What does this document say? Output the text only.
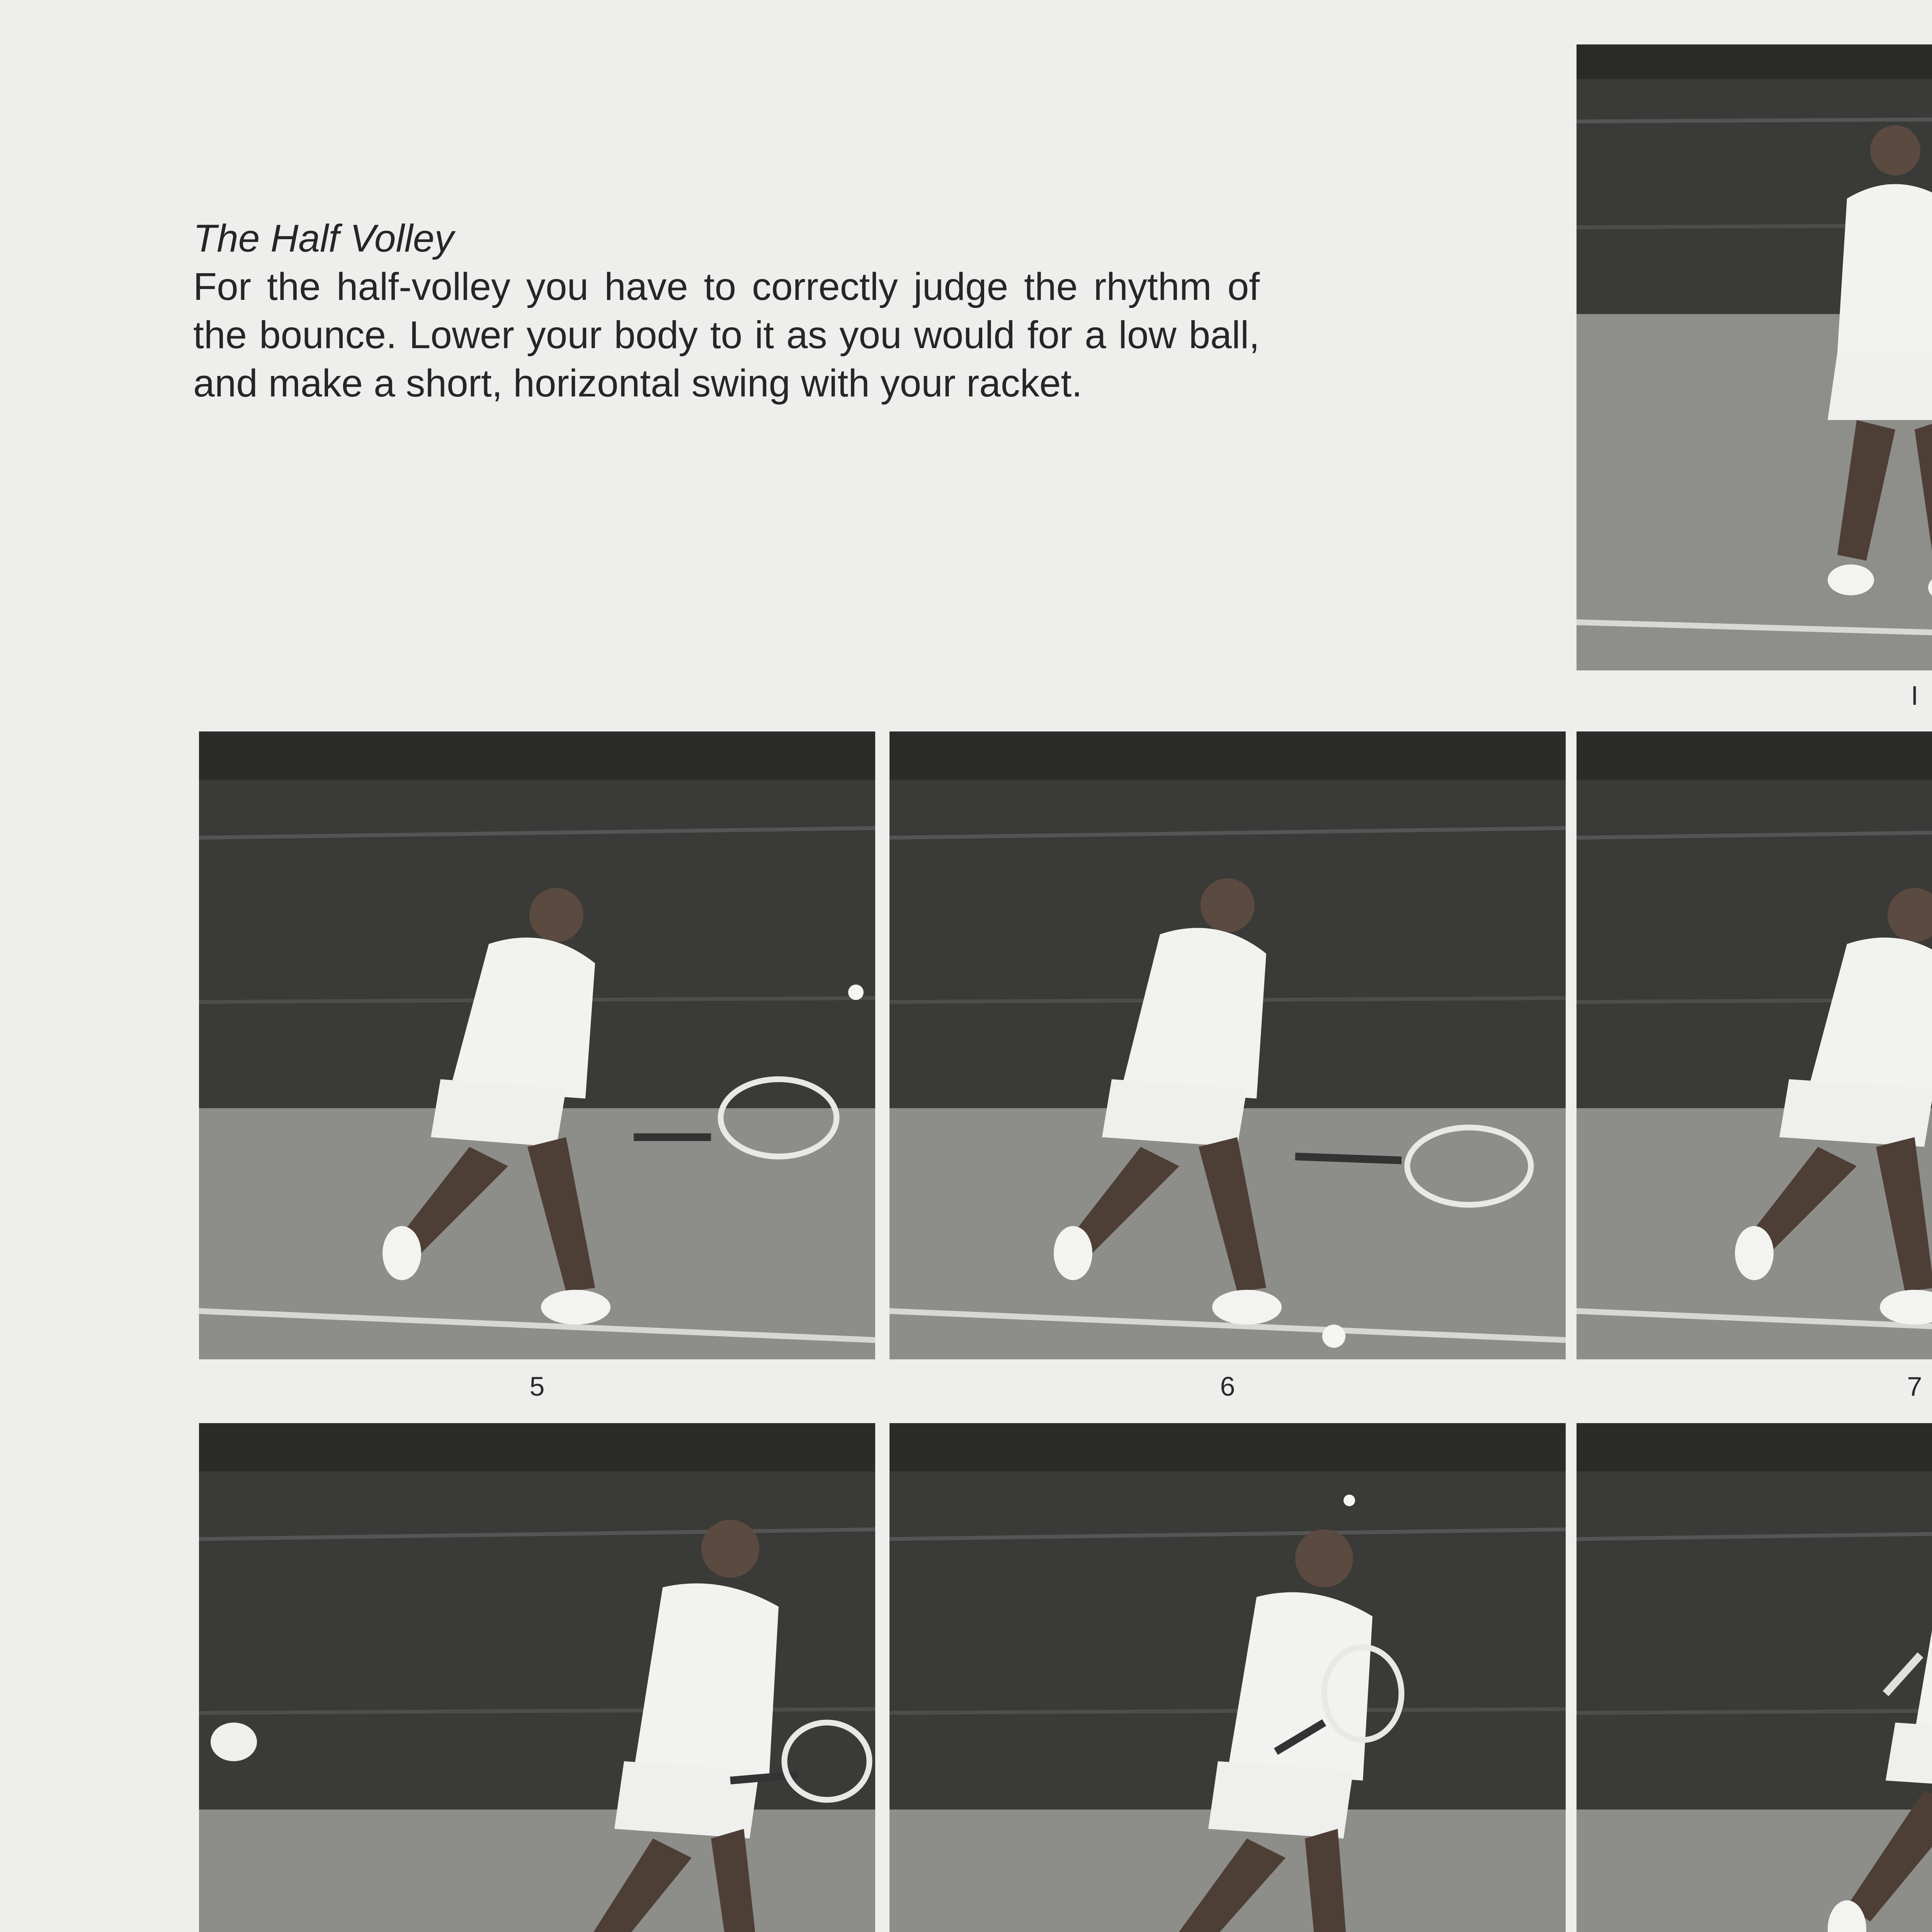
The Half Volley

For the half-volley you have to correctly judge the rhythm of the bounce. Lower your body to it as you would for a low ball, and make a short, horizontal swing with your racket.

I
5	6	7
